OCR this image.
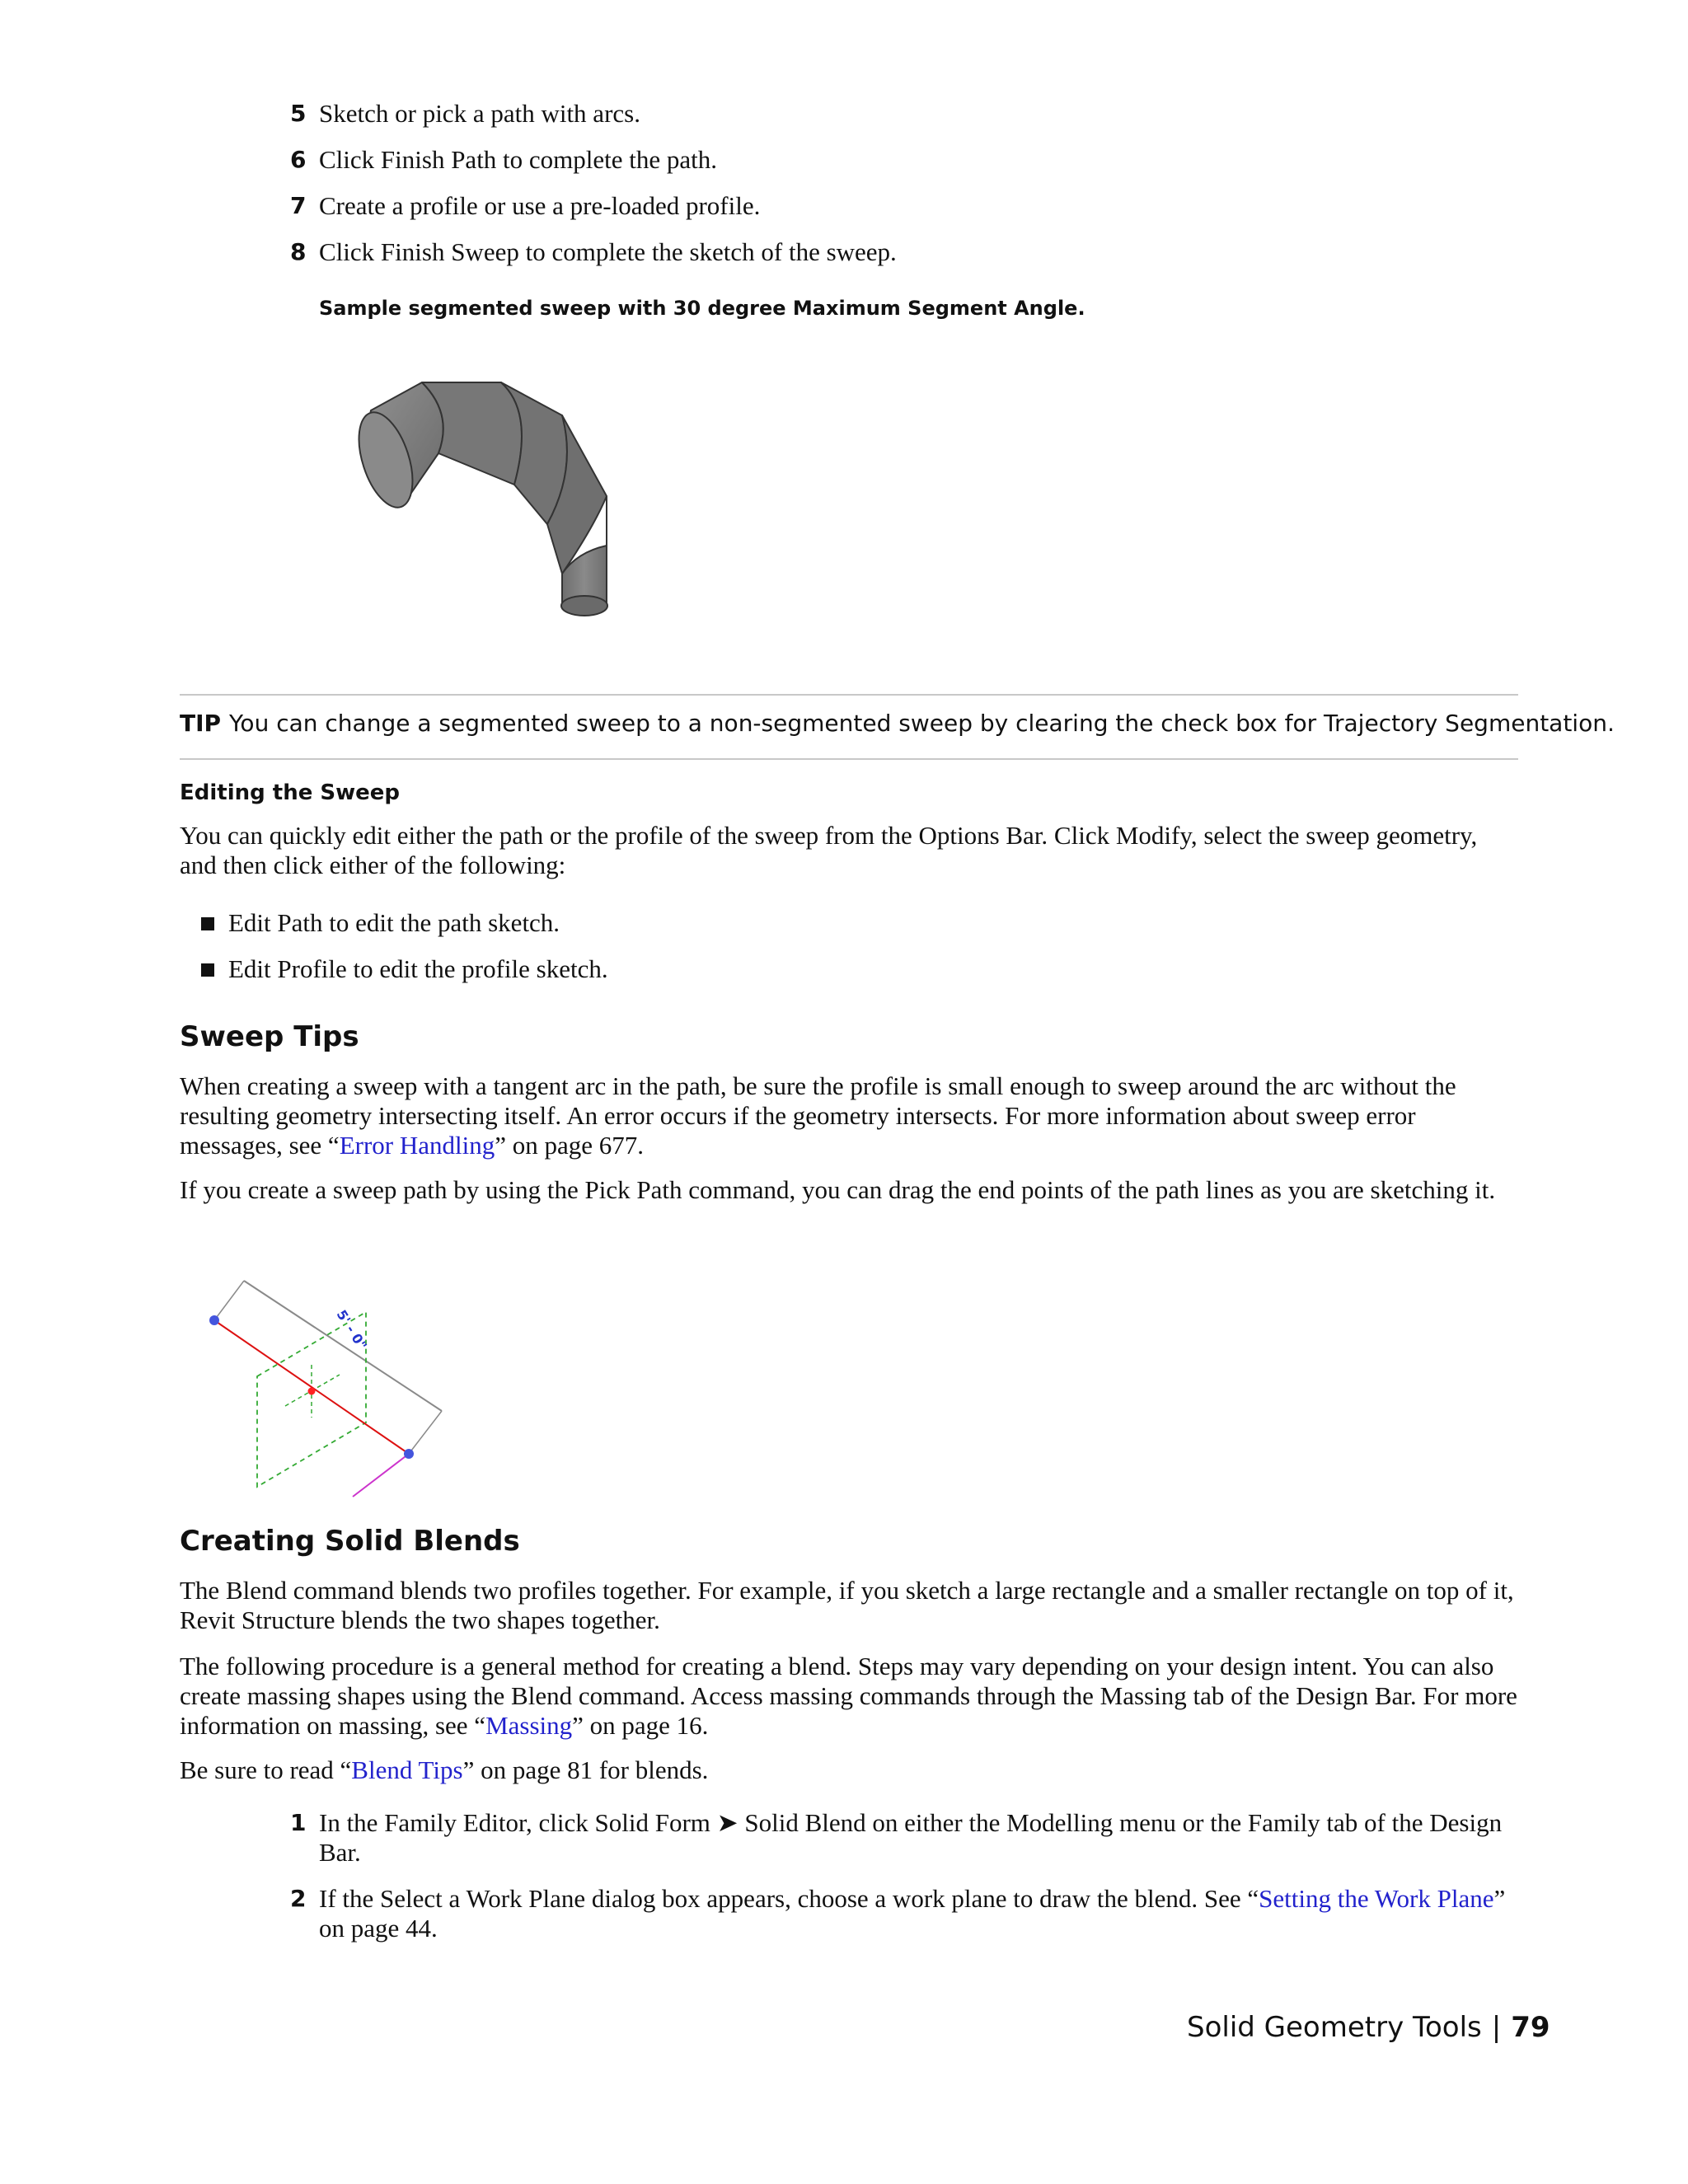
5 Sketch or pick a path with arcs.
6 Click Finish Path to complete the path.
7 Create a profile or use a pre-loaded profile.
8 Click Finish Sweep to complete the sketch of the sweep.
Sample segmented sweep with 30 degree Maximum Segment Angle.
TIP You can change a segmented sweep to a non-segmented sweep by clearing the check box for Trajectory Segmentation.
Editing the Sweep
You can quickly edit either the path or the profile of the sweep from the Options Bar. Click Modify, select the sweep geometry, and then click either of the following:
Edit Path to edit the path sketch.
Edit Profile to edit the profile sketch.
Sweep Tips
When creating a sweep with a tangent arc in the path, be sure the profile is small enough to sweep around the arc without the resulting geometry intersecting itself. An error occurs if the geometry intersects. For more information about sweep error messages, see “Error Handling” on page 677.
If you create a sweep path by using the Pick Path command, you can drag the end points of the path lines as you are sketching it.
5' - 0"
Creating Solid Blends
The Blend command blends two profiles together. For example, if you sketch a large rectangle and a smaller rectangle on top of it, Revit Structure blends the two shapes together.
The following procedure is a general method for creating a blend. Steps may vary depending on your design intent. You can also create massing shapes using the Blend command. Access massing commands through the Massing tab of the Design Bar. For more information on massing, see “Massing” on page 16.
Be sure to read “Blend Tips” on page 81 for blends.
1 In the Family Editor, click Solid Form ➤ Solid Blend on either the Modelling menu or the Family tab of the Design Bar.
2 If the Select a Work Plane dialog box appears, choose a work plane to draw the blend. See “Setting the Work Plane” on page 44.
Solid Geometry Tools | 79
